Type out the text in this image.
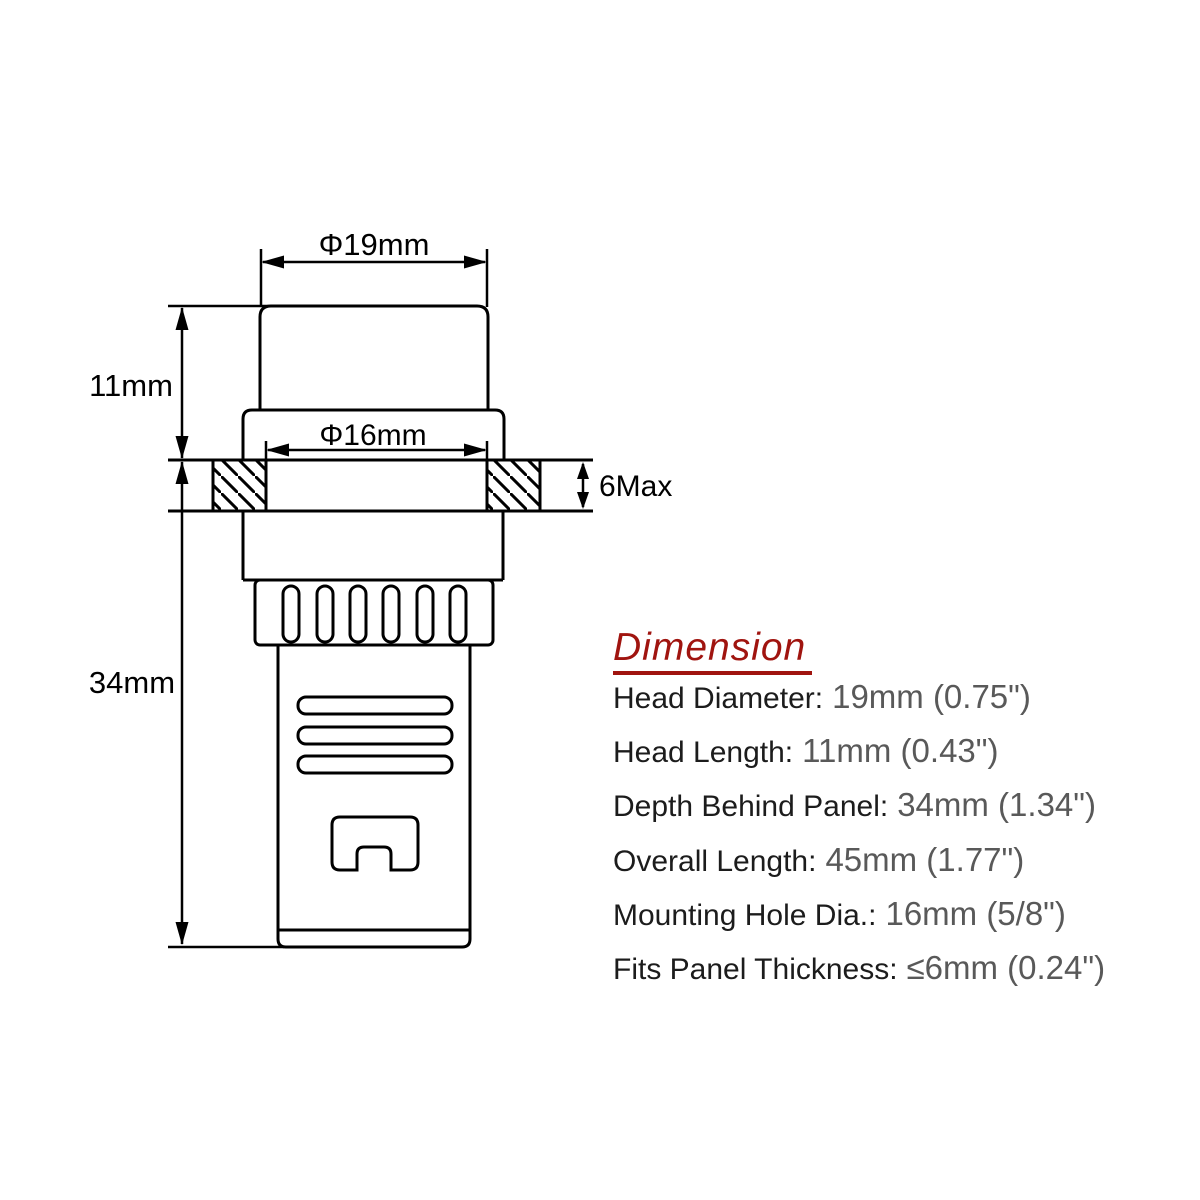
Φ19mm
11mm
Φ16mm
6Max
34mm
Dimension
Head Diameter: 19mm (0.75")
Head Length: 11mm (0.43")
Depth Behind Panel: 34mm (1.34")
Overall Length: 45mm (1.77")
Mounting Hole Dia.: 16mm (5/8")
Fits Panel Thickness: ≤6mm (0.24")
